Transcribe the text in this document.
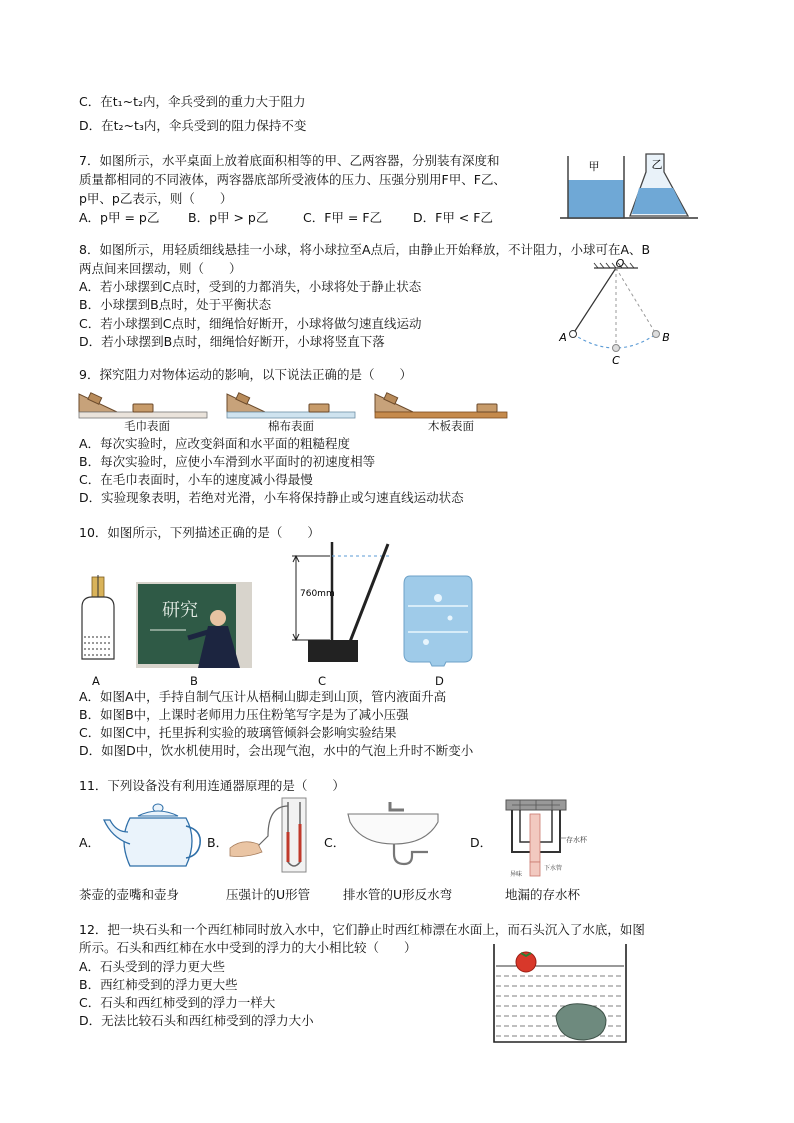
C．在t₁~t₂内，伞兵受到的重力大于阻力
D．在t₂~t₃内，伞兵受到的阻力保持不变
7．如图所示，水平桌面上放着底面积相等的甲、乙两容器，分别装有深度和
质量都相同的不同液体，两容器底部所受液体的压力、压强分别用F甲、F乙、
p甲、p乙表示，则（　　）
A．p甲 = p乙 B．p甲 > p乙	C．F甲 = F乙 D．F甲 < F乙
甲	乙
8．如图所示，用轻质细线悬挂一小球，将小球拉至A点后，由静止开始释放，不计阻力，小球可在A、B
两点间来回摆动，则（　　）
A．若小球摆到C点时，受到的力都消失，小球将处于静止状态
B．小球摆到B点时，处于平衡状态
C．若小球摆到C点时，细绳恰好断开，小球将做匀速直线运动
D．若小球摆到B点时，细绳恰好断开，小球将竖直下落
O
A	B
C
9．探究阻力对物体运动的影响，以下说法正确的是（　　）
毛巾表面	棉布表面	木板表面
A．每次实验时，应改变斜面和水平面的粗糙程度
B．每次实验时，应使小车滑到水平面时的初速度相等
C．在毛巾表面时，小车的速度减小得最慢
D．实验现象表明，若绝对光滑，小车将保持静止或匀速直线运动状态
10．如图所示，下列描述正确的是（　　）
研究
760mm
A	B	C	D
A．如图A中，手持自制气压计从梧桐山脚走到山顶，管内液面升高
B．如图B中，上课时老师用力压住粉笔写字是为了减小压强
C．如图C中，托里拆利实验的玻璃管倾斜会影响实验结果
D．如图D中，饮水机使用时，会出现气泡，水中的气泡上升时不断变小
11．下列设备没有利用连通器原理的是（　　）
A．	B．	C．	D．	存水杯
异味
下水管
茶壶的壶嘴和壶身	压强计的U形管	排水管的U形反水弯	地漏的存水杯
12．把一块石头和一个西红柿同时放入水中，它们静止时西红柿漂在水面上，而石头沉入了水底，如图
所示。石头和西红柿在水中受到的浮力的大小相比较（　　）
A．石头受到的浮力更大些
B．西红柿受到的浮力更大些
C．石头和西红柿受到的浮力一样大
D．无法比较石头和西红柿受到的浮力大小
